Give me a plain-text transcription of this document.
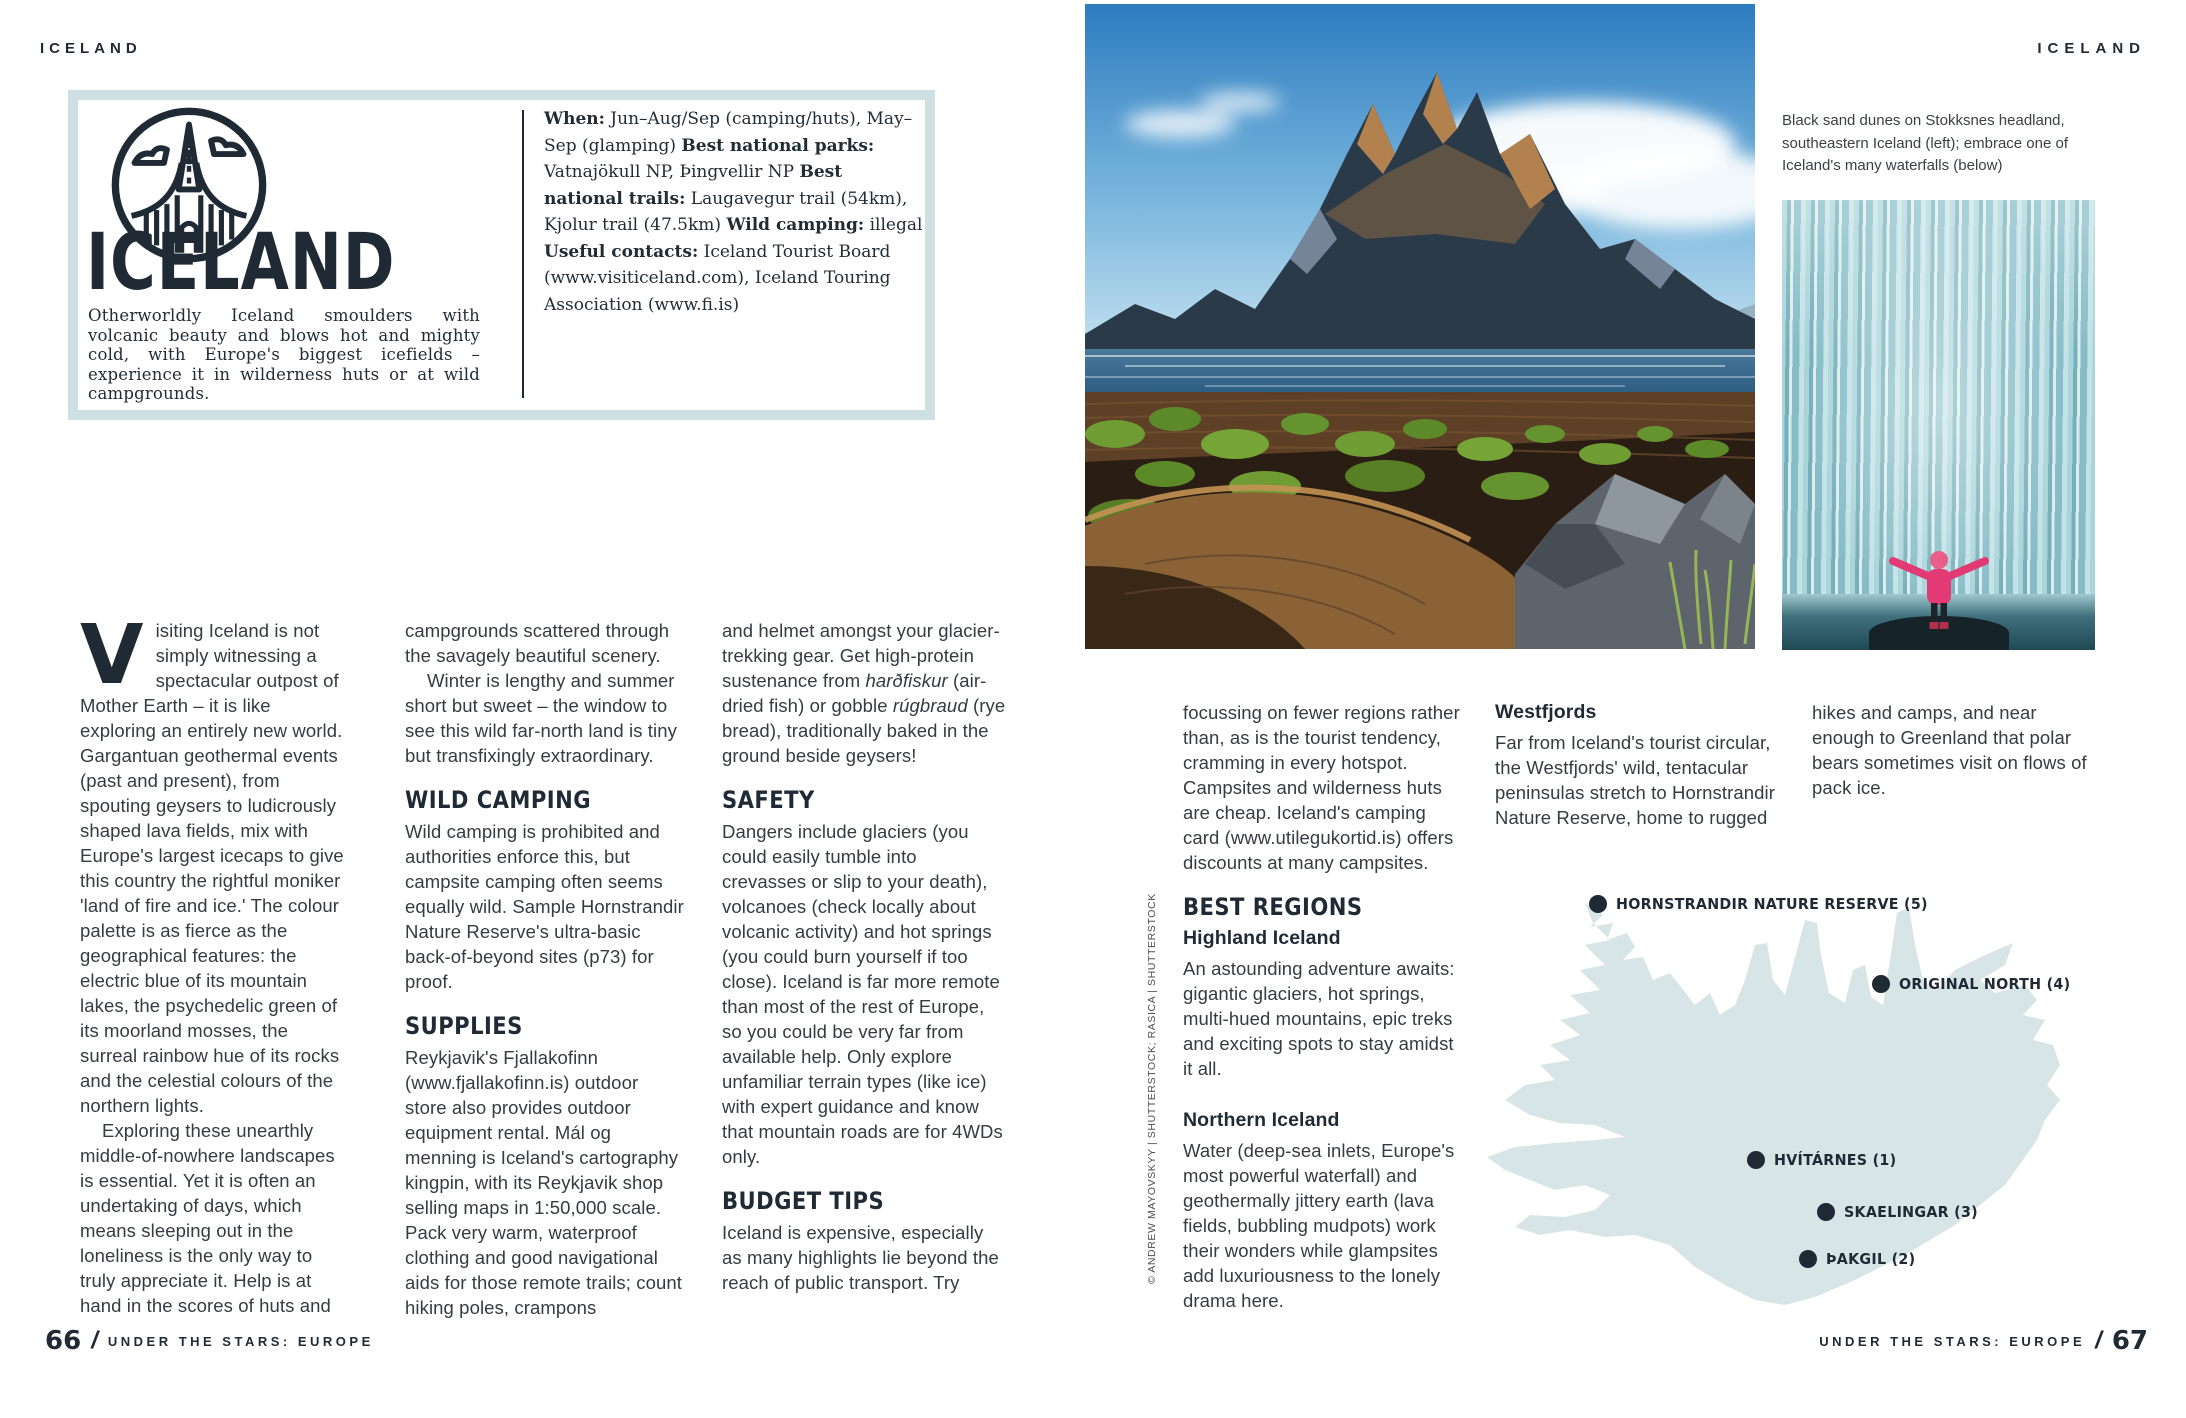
ICELAND
ICELAND
Otherworldly Iceland smoulders with volcanic beauty and blows hot and mighty cold, with Europe's biggest icefields – experience it in wilderness huts or at wild campgrounds.
When: Jun–Aug/Sep (camping/huts), May–Sep (glamping) Best national parks: Vatnajökull NP, Þingvellir NP Best national trails: Laugavegur trail (54km), Kjolur trail (47.5km) Wild camping: illegal Useful contacts: Iceland Tourist Board (www.visiticeland.com), Iceland Touring Association (www.fi.is)

Visiting Iceland is not simply witnessing a spectacular outpost of Mother Earth – it is like exploring an entirely new world. Gargantuan geothermal events (past and present), from spouting geysers to ludicrously shaped lava fields, mix with Europe's largest icecaps to give this country the rightful moniker 'land of fire and ice.' The colour palette is as fierce as the geographical features: the electric blue of its mountain lakes, the psychedelic green of its moorland mosses, the surreal rainbow hue of its rocks and the celestial colours of the northern lights.

Exploring these unearthly middle-of-nowhere landscapes is essential. Yet it is often an undertaking of days, which means sleeping out in the loneliness is the only way to truly appreciate it. Help is at hand in the scores of huts and

campgrounds scattered through the savagely beautiful scenery.

Winter is lengthy and summer short but sweet – the window to see this wild far-north land is tiny but transfixingly extraordinary.

WILD CAMPING

Wild camping is prohibited and authorities enforce this, but campsite camping often seems equally wild. Sample Hornstrandir Nature Reserve's ultra-basic back-of-beyond sites (p73) for proof.

SUPPLIES

Reykjavik's Fjallakofinn (www.fjallakofinn.is) outdoor store also provides outdoor equipment rental. Mál og menning is Iceland's cartography kingpin, with its Reykjavik shop selling maps in 1:50,000 scale. Pack very warm, waterproof clothing and good navigational aids for those remote trails; count hiking poles, crampons

and helmet amongst your glacier-trekking gear. Get high-protein sustenance from harðfiskur (air-dried fish) or gobble rúgbraud (rye bread), traditionally baked in the ground beside geysers!

SAFETY

Dangers include glaciers (you could easily tumble into crevasses or slip to your death), volcanoes (check locally about volcanic activity) and hot springs (you could burn yourself if too close). Iceland is far more remote than most of the rest of Europe, so you could be very far from available help. Only explore unfamiliar terrain types (like ice) with expert guidance and know that mountain roads are for 4WDs only.

BUDGET TIPS

Iceland is expensive, especially as many highlights lie beyond the reach of public transport. Try

66 / UNDER THE STARS: EUROPE
ICELAND
Black sand dunes on Stokksnes headland, southeastern Iceland (left); embrace one of Iceland's many waterfalls (below)

focussing on fewer regions rather than, as is the tourist tendency, cramming in every hotspot. Campsites and wilderness huts are cheap. Iceland's camping card (www.utilegukortid.is) offers discounts at many campsites.

BEST REGIONS
Highland Iceland

An astounding adventure awaits: gigantic glaciers, hot springs, multi-hued mountains, epic treks and exciting spots to stay amidst it all.

Northern Iceland

Water (deep-sea inlets, Europe's most powerful waterfall) and geothermally jittery earth (lava fields, bubbling mudpots) work their wonders while glampsites add luxuriousness to the lonely drama here.

Westfjords

Far from Iceland's tourist circular, the Westfjords' wild, tentacular peninsulas stretch to Hornstrandir Nature Reserve, home to rugged

hikes and camps, and near enough to Greenland that polar bears sometimes visit on flows of pack ice.

© ANDREW MAYOVSKYY | SHUTTERSTOCK; RASICA | SHUTTERSTOCK	HORNSTRANDIR NATURE RESERVE (5)
ORIGINAL NORTH (4)
HVÍTÁRNES (1)
SKAELINGAR (3)
ÞAKGIL (2)
UNDER THE STARS: EUROPE / 67
